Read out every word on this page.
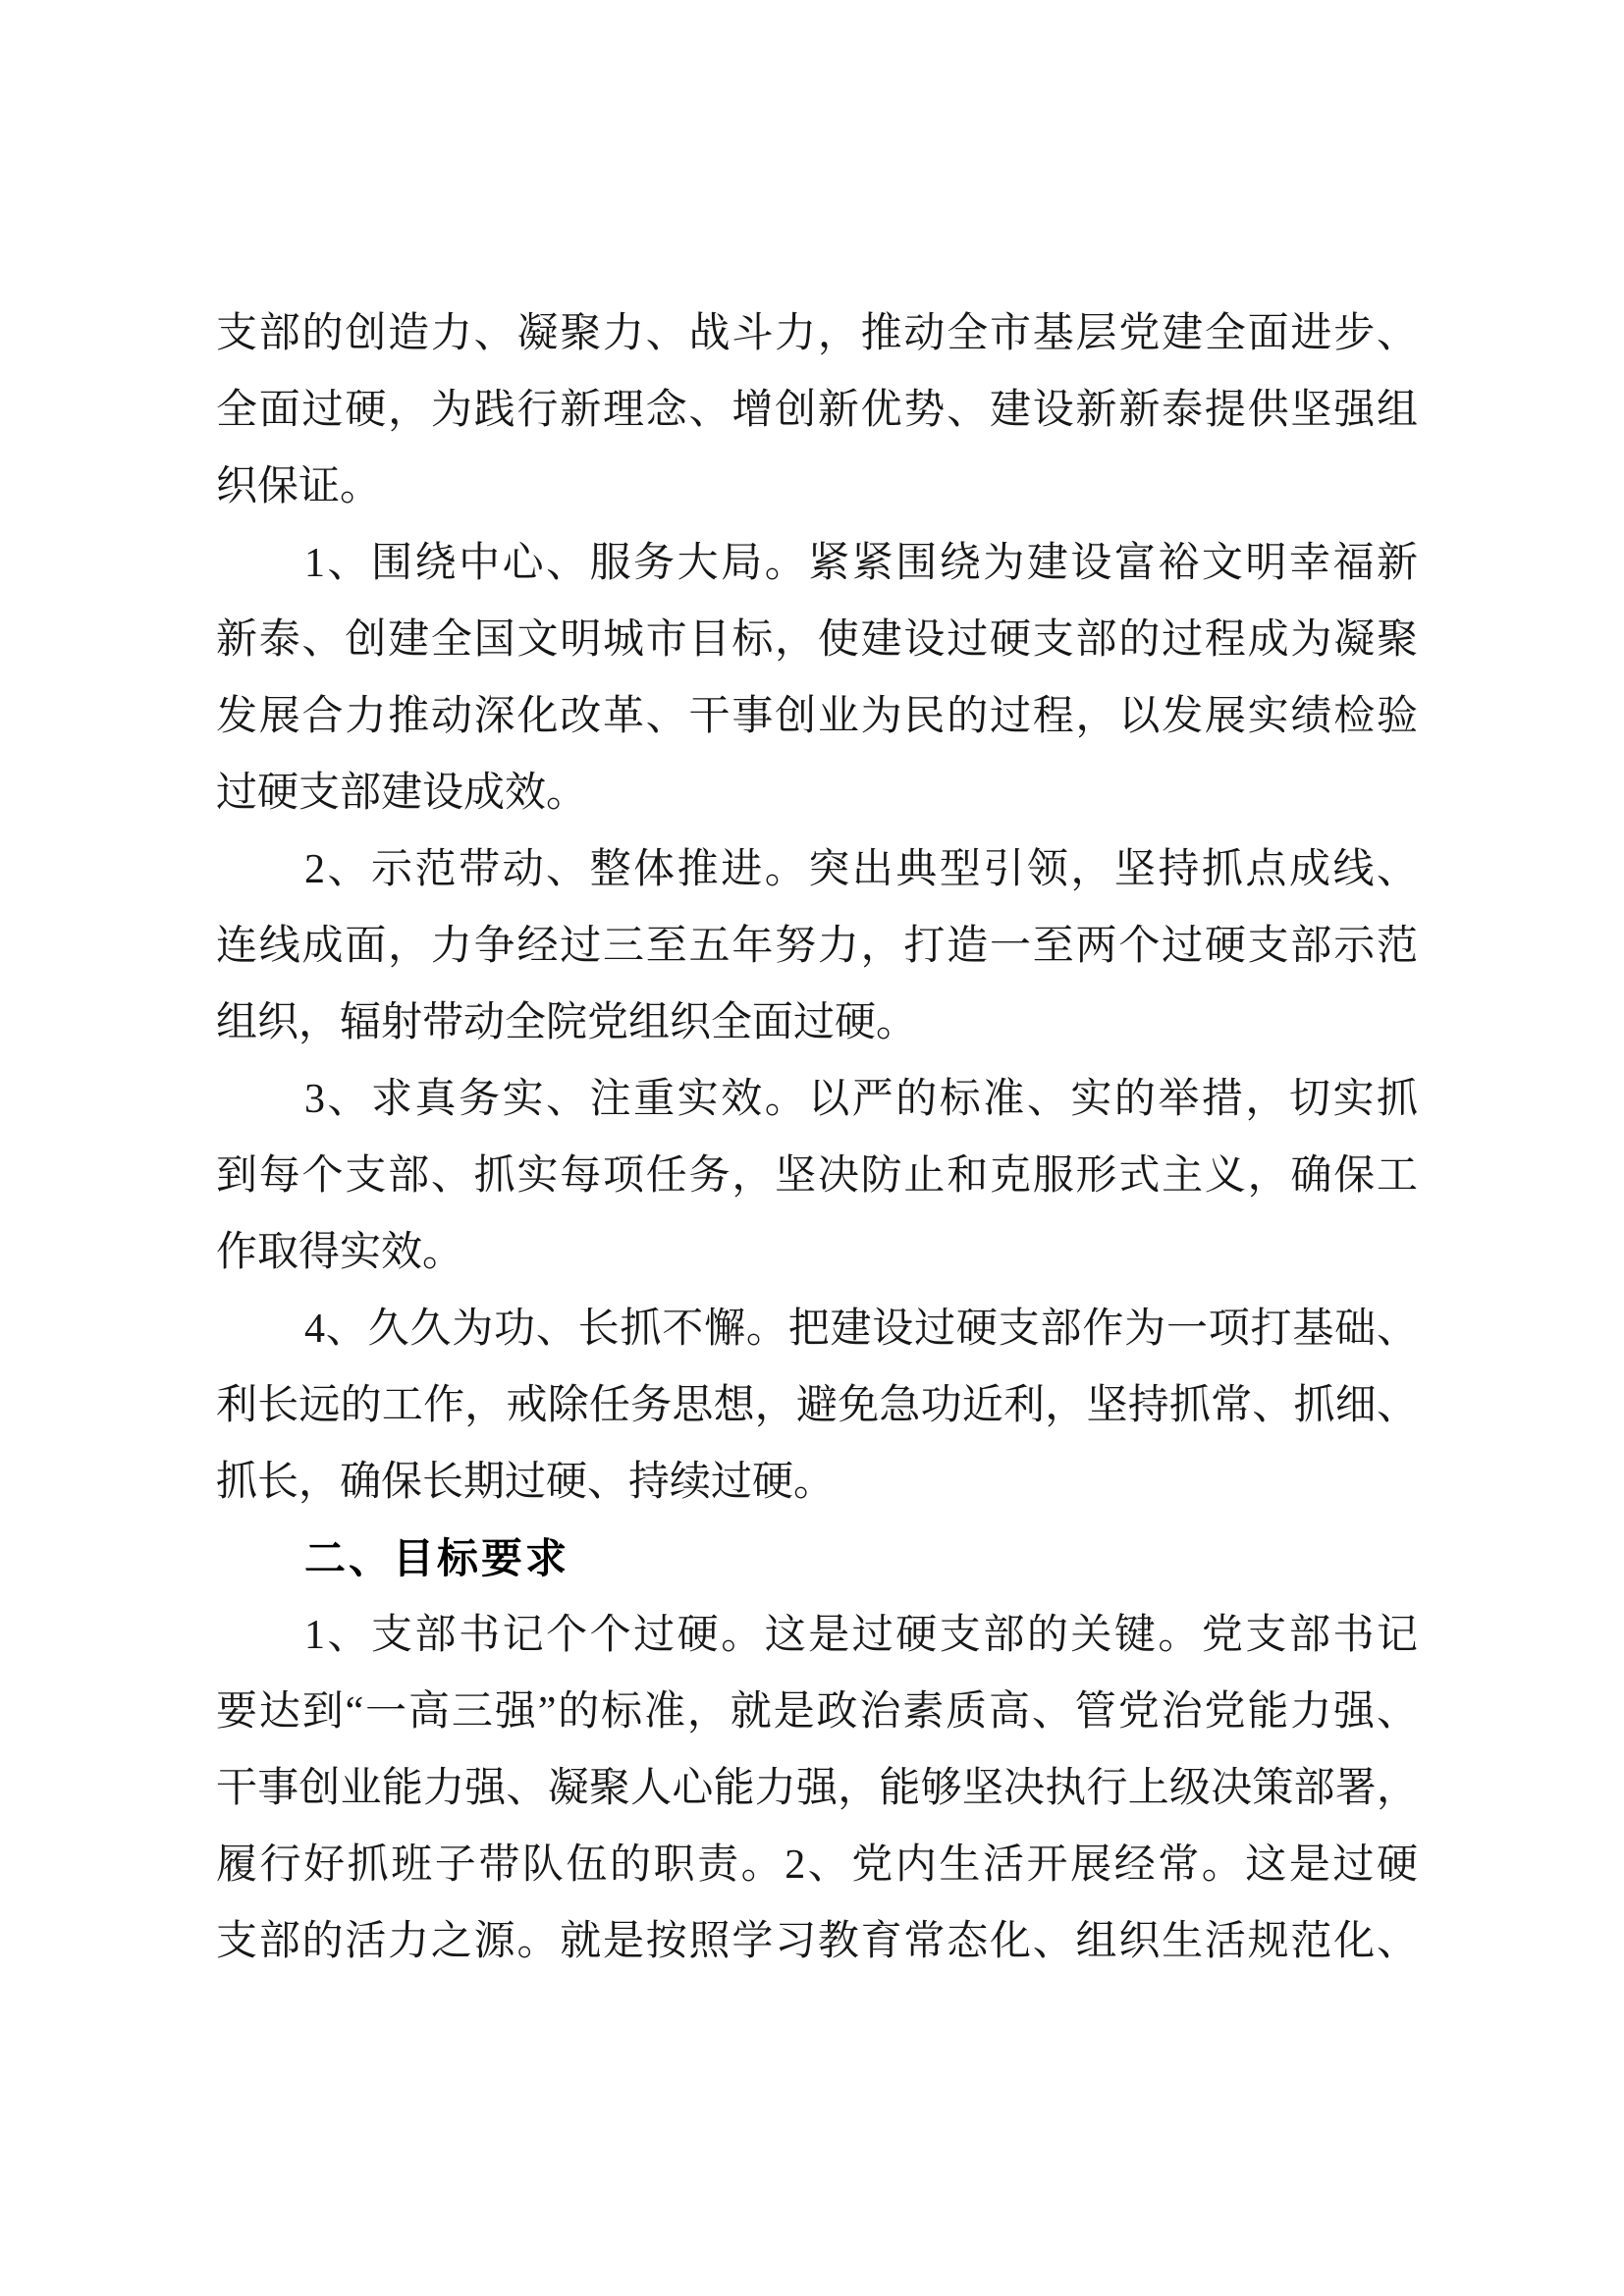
支部的创造力、凝聚力、战斗力，推动全市基层党建全面进步、
全面过硬，为践行新理念、增创新优势、建设新新泰提供坚强组
织保证。
1、围绕中心、服务大局。紧紧围绕为建设富裕文明幸福新
新泰、创建全国文明城市目标，使建设过硬支部的过程成为凝聚
发展合力推动深化改革、干事创业为民的过程，以发展实绩检验
过硬支部建设成效。
2、示范带动、整体推进。突出典型引领，坚持抓点成线、
连线成面，力争经过三至五年努力，打造一至两个过硬支部示范
组织，辐射带动全院党组织全面过硬。
3、求真务实、注重实效。以严的标准、实的举措，切实抓
到每个支部、抓实每项任务，坚决防止和克服形式主义，确保工
作取得实效。
4、久久为功、长抓不懈。把建设过硬支部作为一项打基础、
利长远的工作，戒除任务思想，避免急功近利，坚持抓常、抓细、
抓长，确保长期过硬、持续过硬。
二、目标要求
1、支部书记个个过硬。这是过硬支部的关键。党支部书记
要达到“一高三强”的标准，就是政治素质高、管党治党能力强、
干事创业能力强、凝聚人心能力强，能够坚决执行上级决策部署，
履行好抓班子带队伍的职责。2、党内生活开展经常。这是过硬
支部的活力之源。就是按照学习教育常态化、组织生活规范化、
